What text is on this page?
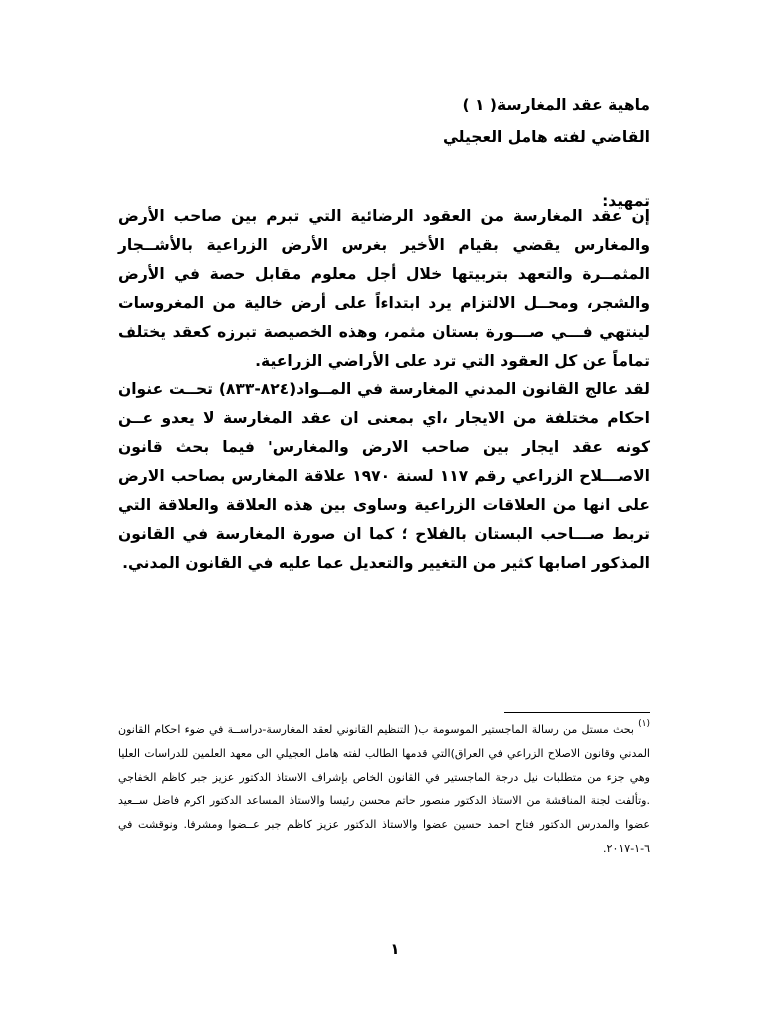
ماهية عقد المغارسة( ١ )
القاضي لفته هامل العجيلي
تمهيد:

إن عقد المغارسة من العقود الرضائية التي تبرم بين صاحب الأرض والمغارس يقضي بقيام الأخير بغرس الأرض الزراعية بالأشــجار المثمــرة والتعهد بتربيتها خلال أجل معلوم مقابل حصة في الأرض والشجر، ومحــل الالتزام يرد ابتداءاً على أرض خالية من المغروسات لينتهي فـــي صـــورة بستان مثمر، وهذه الخصيصة تبرزه كعقد يختلف تماماً عن كل العقود التي ترد على الأراضي الزراعية.

لقد عالج القانون المدني المغارسة في المــواد(٨٢٤-٨٣٣) تحــت عنوان احكام مختلفة من الايجار ،اي بمعنى ان عقد المغارسة لا يعدو عــن كونه عقد ايجار بين صاحب الارض والمغارس' فيما بحث قانون الاصـــلاح الزراعي رقم ١١٧ لسنة ١٩٧٠ علاقة المغارس بصاحب الارض على انها من العلاقات الزراعية وساوى بين هذه العلاقة والعلاقة التي تربط صـــاحب البستان بالفلاح ؛ كما ان صورة المغارسة في القانون المذكور اصابها كثير من التغيير والتعديل عما عليه في القانون المدني.

$^{(١)}$ بحث مستل من رسالة الماجستير الموسومة ب( التنظيم القانوني لعقد المغارسة-دراســة في ضوء احكام القانون المدني وقانون الاصلاح الزراعي في العراق)التي قدمها الطالب لفته هامل العجيلي الى معهد العلمين للدراسات العليا وهي جزء من متطلبات نيل درجة الماجستير في القانون الخاص بإشراف الاستاذ الدكتور عزيز جبر كاظم الخفاجي .وتألفت لجنة المناقشة من الاستاذ الدكتور منصور حاتم محسن رئيسا والاستاذ المساعد الدكتور اكرم فاضل ســعيد عضوا والمدرس الدكتور فتاح احمد حسين عضوا والاستاذ الدكتور عزيز كاظم جبر عــضوا ومشرفا. ونوقشت في ٦-١-٢٠١٧.
١
